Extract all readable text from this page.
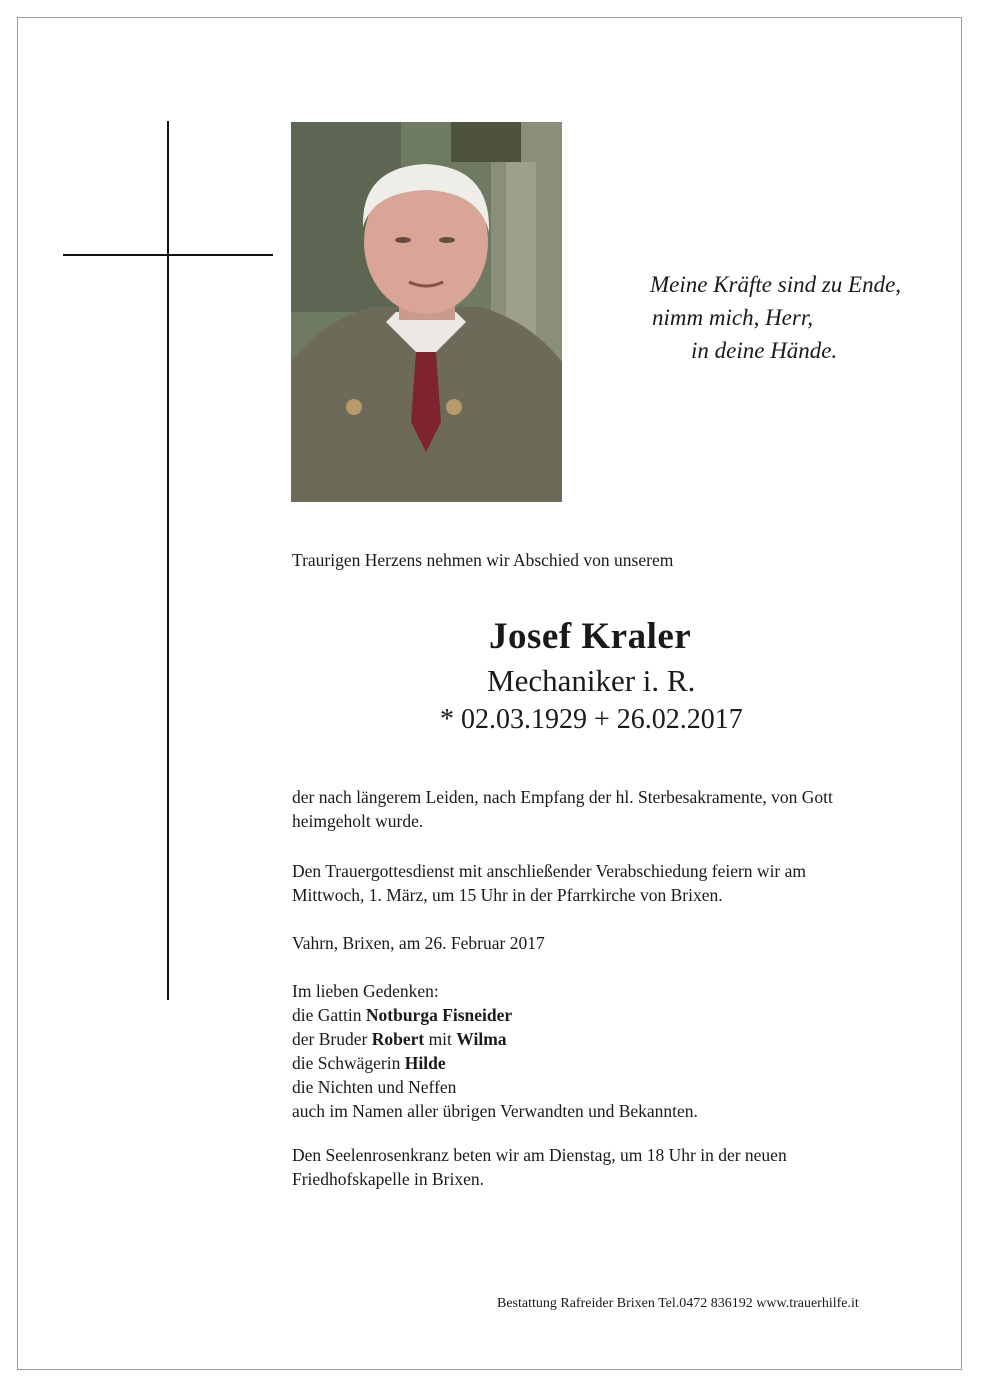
Meine Kräfte sind zu Ende,
nimm mich, Herr,
in deine Hände.
Traurigen Herzens nehmen wir Abschied von unserem
Josef Kraler
Mechaniker i. R.
* 02.03.1929 + 26.02.2017
der nach längerem Leiden, nach Empfang der hl. Sterbesakramente, von Gott heimgeholt wurde.
Den Trauergottesdienst mit anschließender Verabschiedung feiern wir am Mittwoch, 1. März, um 15 Uhr in der Pfarrkirche von Brixen.
Vahrn, Brixen, am 26. Februar 2017
Im lieben Gedenken:
die Gattin Notburga Fisneider
der Bruder Robert mit Wilma
die Schwägerin Hilde
die Nichten und Neffen
auch im Namen aller übrigen Verwandten und Bekannten.
Den Seelenrosenkranz beten wir am Dienstag, um 18 Uhr in der neuen Friedhofskapelle in Brixen.
Bestattung Rafreider Brixen Tel.0472 836192 www.trauerhilfe.it
